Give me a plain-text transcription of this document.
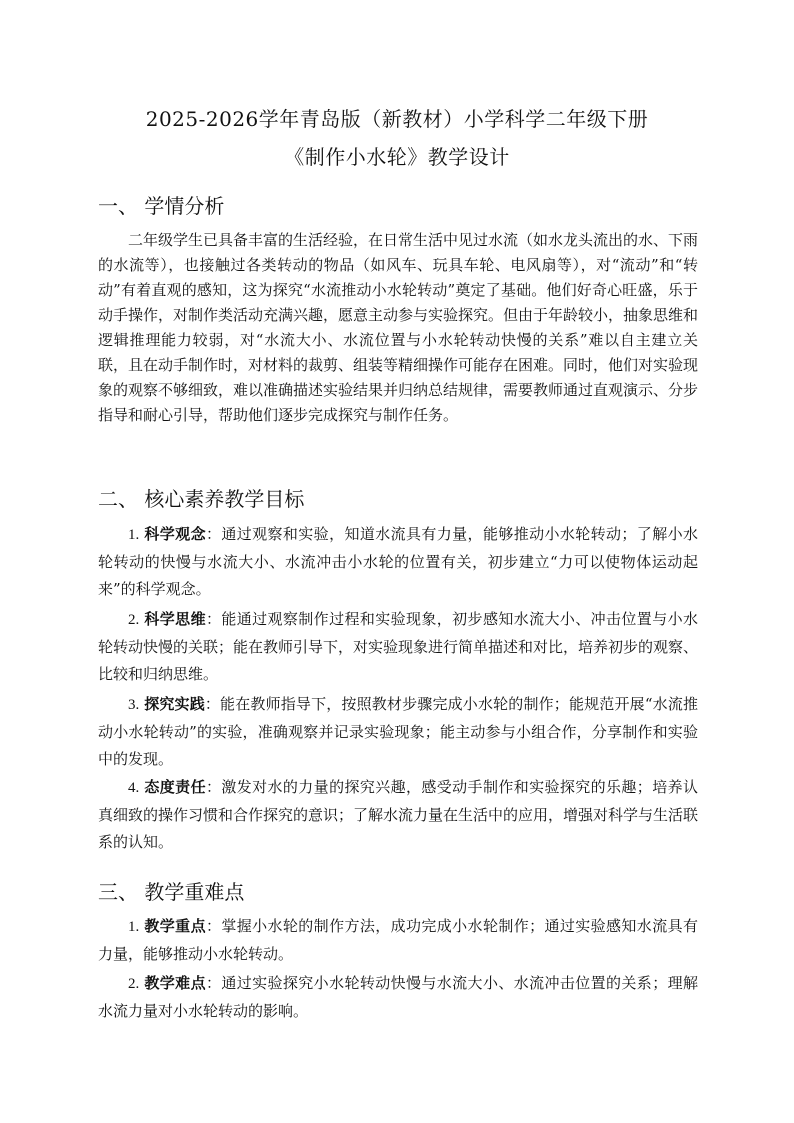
2025-2026学年青岛版（新教材）小学科学二年级下册
《制作小水轮》教学设计
一、 学情分析

二年级学生已具备丰富的生活经验，在日常生活中见过水流（如水龙头流出的水、下雨的水流等），也接触过各类转动的物品（如风车、玩具车轮、电风扇等），对“流动”和“转动”有着直观的感知，这为探究“水流推动小水轮转动”奠定了基础。他们好奇心旺盛，乐于动手操作，对制作类活动充满兴趣，愿意主动参与实验探究。但由于年龄较小，抽象思维和逻辑推理能力较弱，对“水流大小、水流位置与小水轮转动快慢的关系”难以自主建立关联，且在动手制作时，对材料的裁剪、组装等精细操作可能存在困难。同时，他们对实验现象的观察不够细致，难以准确描述实验结果并归纳总结规律，需要教师通过直观演示、分步指导和耐心引导，帮助他们逐步完成探究与制作任务。

二、 核心素养教学目标

1. 科学观念：通过观察和实验，知道水流具有力量，能够推动小水轮转动；了解小水轮转动的快慢与水流大小、水流冲击小水轮的位置有关，初步建立“力可以使物体运动起来”的科学观念。

2. 科学思维：能通过观察制作过程和实验现象，初步感知水流大小、冲击位置与小水轮转动快慢的关联；能在教师引导下，对实验现象进行简单描述和对比，培养初步的观察、比较和归纳思维。

3. 探究实践：能在教师指导下，按照教材步骤完成小水轮的制作；能规范开展“水流推动小水轮转动”的实验，准确观察并记录实验现象；能主动参与小组合作，分享制作和实验中的发现。

4. 态度责任：激发对水的力量的探究兴趣，感受动手制作和实验探究的乐趣；培养认真细致的操作习惯和合作探究的意识；了解水流力量在生活中的应用，增强对科学与生活联系的认知。

三、 教学重难点

1. 教学重点：掌握小水轮的制作方法，成功完成小水轮制作；通过实验感知水流具有力量，能够推动小水轮转动。

2. 教学难点：通过实验探究小水轮转动快慢与水流大小、水流冲击位置的关系；理解水流力量对小水轮转动的影响。
